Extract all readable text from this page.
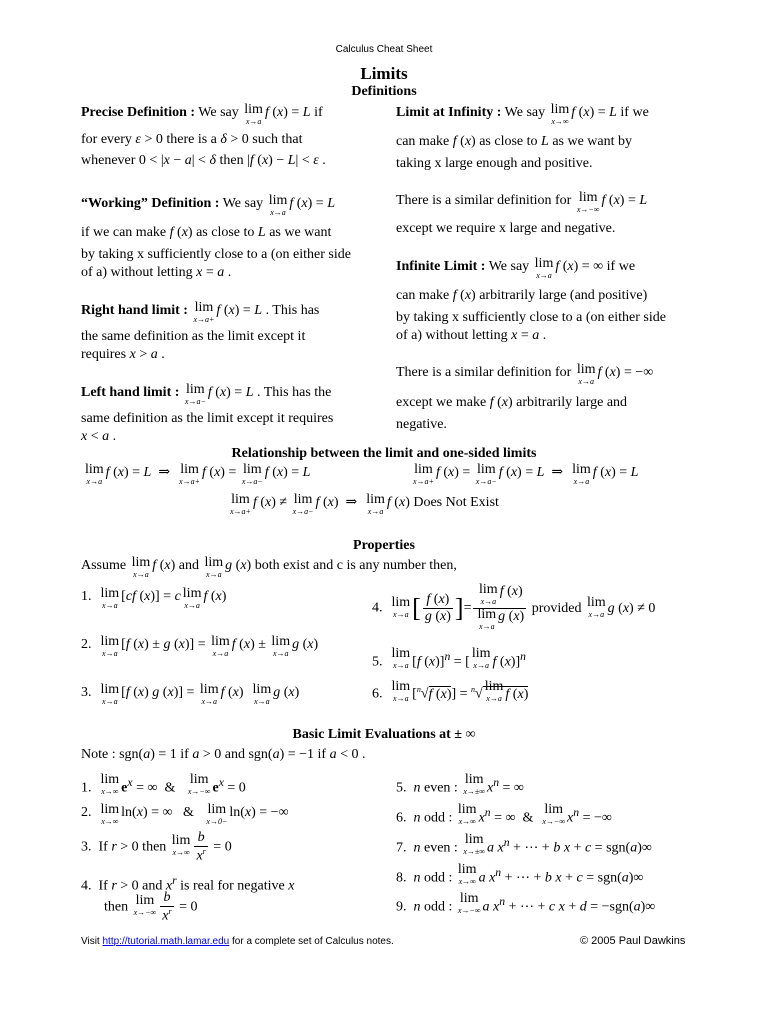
Calculus Cheat Sheet
Limits
Definitions
Precise Definition : We say lim
x→a
f (x) = L if
for every ε > 0 there is a δ > 0 such that
whenever 0 < |x − a| < δ then |f (x) − L| < ε .
“Working” Definition : We say lim
x→a
f (x) = L
if we can make f (x) as close to L as we want
by taking x sufficiently close to a (on either side
of a) without letting x = a .
Right hand limit : lim
x→a+
f (x) = L . This has
the same definition as the limit except it
requires x > a .
Left hand limit : lim
x→a−
f (x) = L . This has the
same definition as the limit except it requires
x < a .
Limit at Infinity : We say lim
x→∞
f (x) = L if we
can make f (x) as close to L as we want by
taking x large enough and positive.
There is a similar definition for lim
x→−∞
f (x) = L
except we require x large and negative.
Infinite Limit : We say lim
x→a
f (x) = ∞ if we
can make f (x) arbitrarily large (and positive)
by taking x sufficiently close to a (on either side
of a) without letting x = a .
There is a similar definition for lim
x→a
f (x) = −∞
except we make f (x) arbitrarily large and
negative.
Relationship between the limit and one-sided limits
lim
x→a
f (x) = L  ⇒ lim
x→a+
f (x) = lim
x→a−
f (x) = L	lim
x→a+
f (x) = lim
x→a−
f (x) = L  ⇒ lim
x→a
f (x) = L
lim
x→a+
f (x) ≠ lim
x→a−
f (x)  ⇒ lim
x→a
f (x) Does Not Exist
Properties
Assume lim
x→a
f (x) and lim
x→a
g (x) both exist and c is any number then,
1. lim
x→a
[cf (x)] = c lim
x→a
f (x)
2. lim
x→a
[f (x) ± g (x)] = lim
x→a
f (x) ± lim
x→a
g (x)
3. lim
x→a
[f (x) g (x)] = lim
x→a
f (x) lim
x→a
g (x)
4. lim
x→a [ $\frac{f (x)}{g (x)}$ ]= lim
x→a
f (x)
lim
x→a
g (x) provided lim
x→a g (x) ≠ 0
5.
lim
x→a [f (x)]$^n$ = [
lim
x→a f (x)]$^n$
6.
lim
x→a [$^n$√f (x)] = $^n$√
lim
x→a f (x)
Basic Limit Evaluations at ± ∞
Note : sgn(a) = 1 if a > 0 and sgn(a) = −1 if a < 0 .
1.
lim
x→∞ $e^x$ = ∞  &
lim
x→−∞ $e^x = 0$
2. lim
x→∞
ln(x) = ∞   & lim
x→0−
ln(x) = −∞
3.  If r > 0 then lim
$x\to\infty \frac{b}{x^r} = 0$
4.  If r > 0 and $x^r$ is real for negative x
then lim
$x\to-\infty \frac{b}{x^r} = 0$
5.  n even :
lim
x→±∞ $x^n$ = ∞
6.  n odd :
lim
x→∞ $x^n$ = ∞  &
lim
x→−∞ $x^n$ = −∞
7.  n even :
lim
x→±∞ a $x^n$ + ⋯ + b x + c = sgn(a)∞
8.  n odd :
lim
x→∞ a $x^n$ + ⋯ + b x + c = sgn(a)∞
9.  n odd :
lim
x→−∞ a $x^n$ + ⋯ + c x + d = −sgn(a)∞
Visit http://tutorial.math.lamar.edu for a complete set of Calculus notes.	© 2005 Paul Dawkins
